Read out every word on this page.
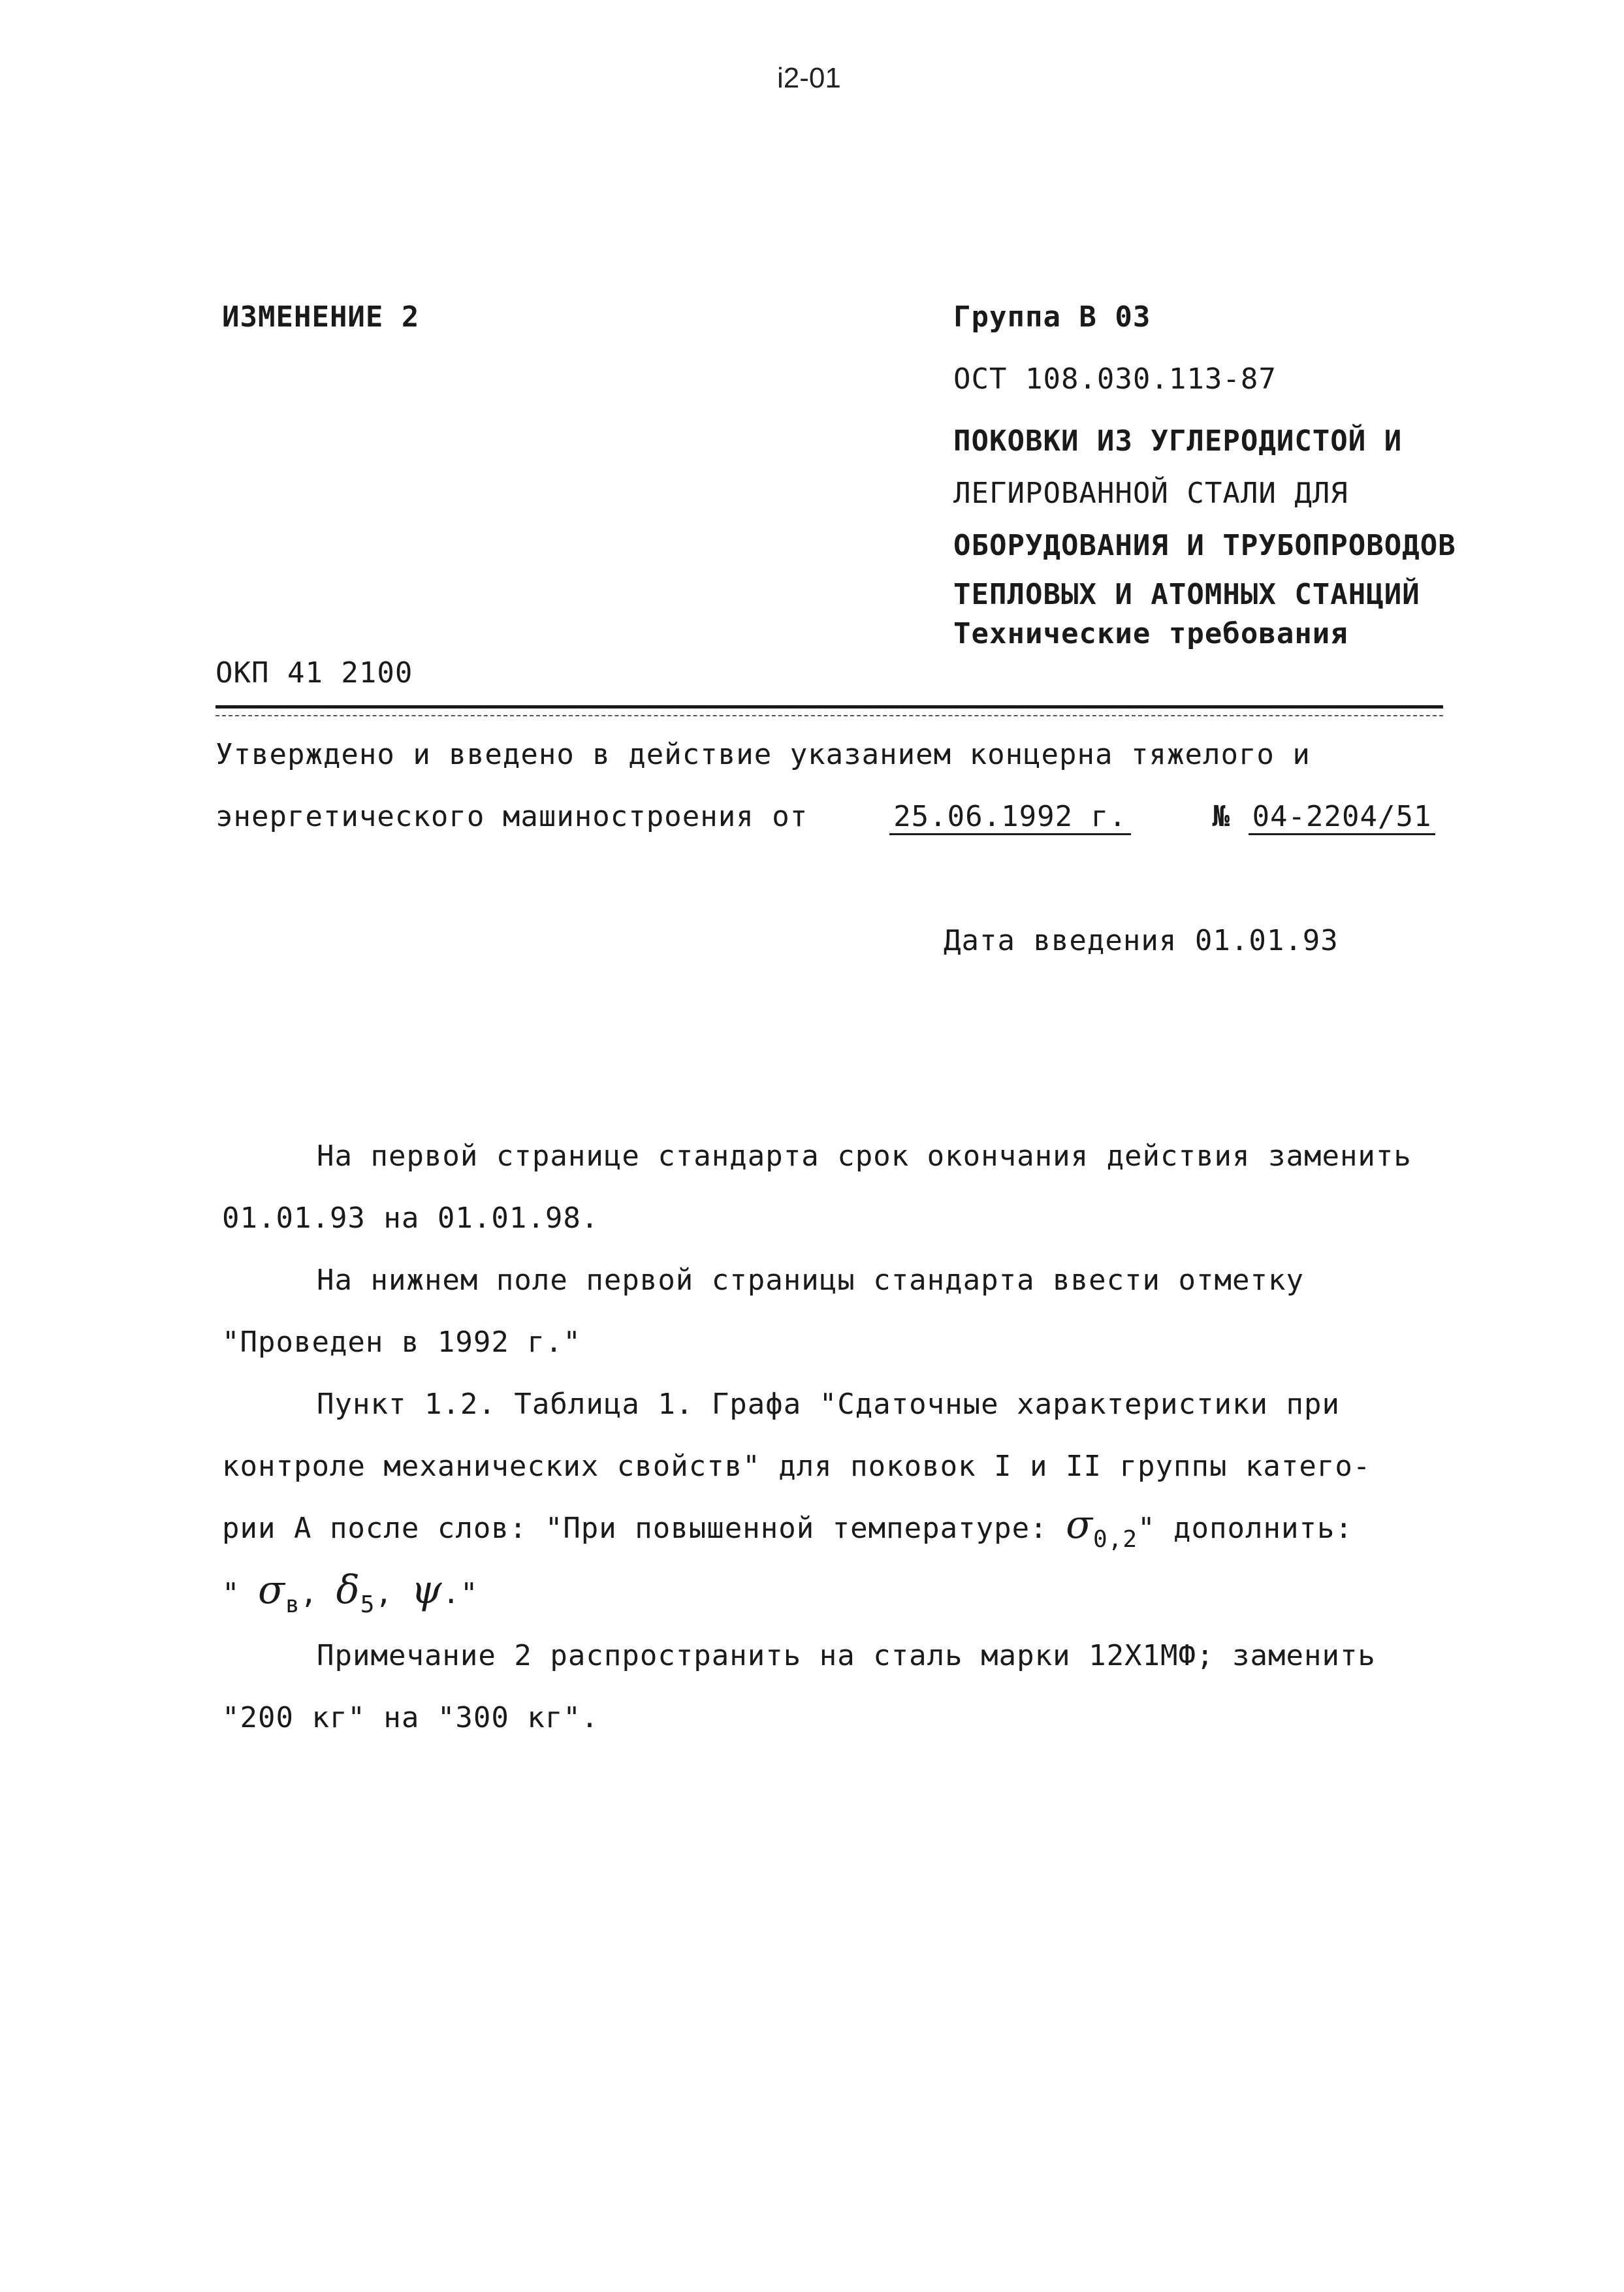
i2-01
ИЗМЕНЕНИЕ 2	Группа В 03
ОСТ 108.030.113-87
ПОКОВКИ ИЗ УГЛЕРОДИСТОЙ И
ЛЕГИРОВАННОЙ СТАЛИ ДЛЯ
ОБОРУДОВАНИЯ И ТРУБОПРОВОДОВ
ТЕПЛОВЫХ И АТОМНЫХ СТАНЦИЙ
Технические требования
ОКП 41 2100
Утверждено и введено в действие указанием концерна тяжелого и
энергетического машиностроения от	25.06.1992 г.	№ 04-2204/51
Дата введения 01.01.93
На первой странице стандарта срок окончания действия заменить
01.01.93 на 01.01.98.
На нижнем поле первой страницы стандарта ввести отметку
"Проведен в 1992 г."
Пункт 1.2. Таблица 1. Графа "Сдаточные характеристики при
контроле механических свойств" для поковок I и II группы катего-
рии А после слов: "При повышенной температуре: $\sigma_{0,2}$" дополнить:
" $\sigma_в$, $\delta_5$, ψ."
Примечание 2 распространить на сталь марки 12Х1МФ; заменить
"200 кг" на "300 кг".
